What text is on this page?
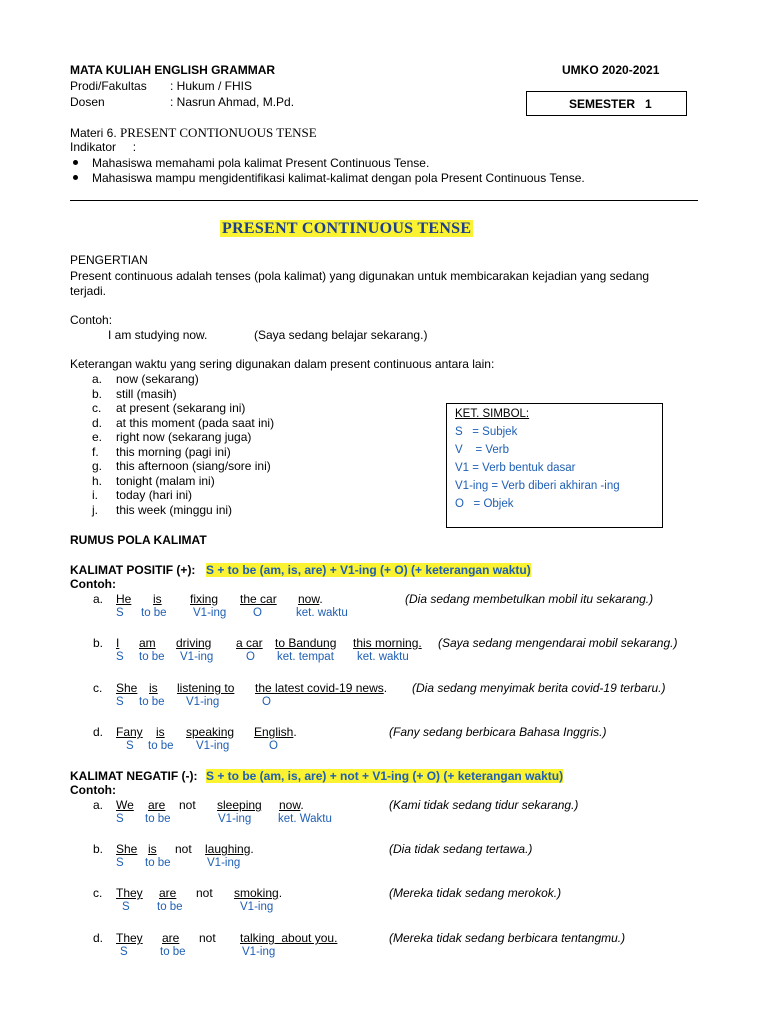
MATA KULIAH ENGLISH GRAMMAR	UMKO 2020-2021
Prodi/Fakultas : Hukum / FHIS
Dosen	: Nasrun Ahmad, M.Pd.	SEMESTER   1
Materi 6. PRESENT CONTIONUOUS TENSE
Indikator     :
Mahasiswa memahami pola kalimat Present Continuous Tense.
Mahasiswa mampu mengidentifikasi kalimat-kalimat dengan pola Present Continuous Tense.
PRESENT CONTINUOUS TENSE
PENGERTIAN
Present continuous adalah tenses (pola kalimat) yang digunakan untuk membicarakan kejadian yang sedang
terjadi.
Contoh:
I am studying now.	(Saya sedang belajar sekarang.)
Keterangan waktu yang sering digunakan dalam present continuous antara lain:
a. now (sekarang)
b. still (masih)
c. at present (sekarang ini)
d. at this moment (pada saat ini)
e. right now (sekarang juga)
f. this morning (pagi ini)
g. this afternoon (siang/sore ini)
h. tonight (malam ini)
i. today (hari ini)
j. this week (minggu ini)
KET. SIMBOL:
S   = Subjek
V    = Verb
V1 = Verb bentuk dasar
V1-ing = Verb diberi akhiran -ing
O   = Objek
RUMUS POLA KALIMAT
KALIMAT POSITIF (+): S + to be (am, is, are) + V1-ing (+ O) (+ keterangan waktu)
Contoh:
a. He is fixing the car now.	(Dia sedang membetulkan mobil itu sekarang.)
S to be V1-ing O	ket. waktu
b. I am driving a car to Bandung this morning. (Saya sedang mengendarai mobil sekarang.)
S to be V1-ing	O ket. tempat ket. waktu
c. She is listening to the latest covid-19 news. (Dia sedang menyimak berita covid-19 terbaru.)
S to be V1-ing	O
d. Fany is speaking English.	(Fany sedang berbicara Bahasa Inggris.)
S to be V1-ing	O
KALIMAT NEGATIF (-): S + to be (am, is, are) + not + V1-ing (+ O) (+ keterangan waktu)
Contoh:
a. We are not sleeping now.	(Kami tidak sedang tidur sekarang.)
S to be	V1-ing ket. Waktu
b. She is not laughing.	(Dia tidak sedang tertawa.)
S to be	V1-ing
c. They are not smoking.	(Mereka tidak sedang merokok.)
S to be	V1-ing
d. They are not talking  about you.	(Mereka tidak sedang berbicara tentangmu.)
S	to be	V1-ing
